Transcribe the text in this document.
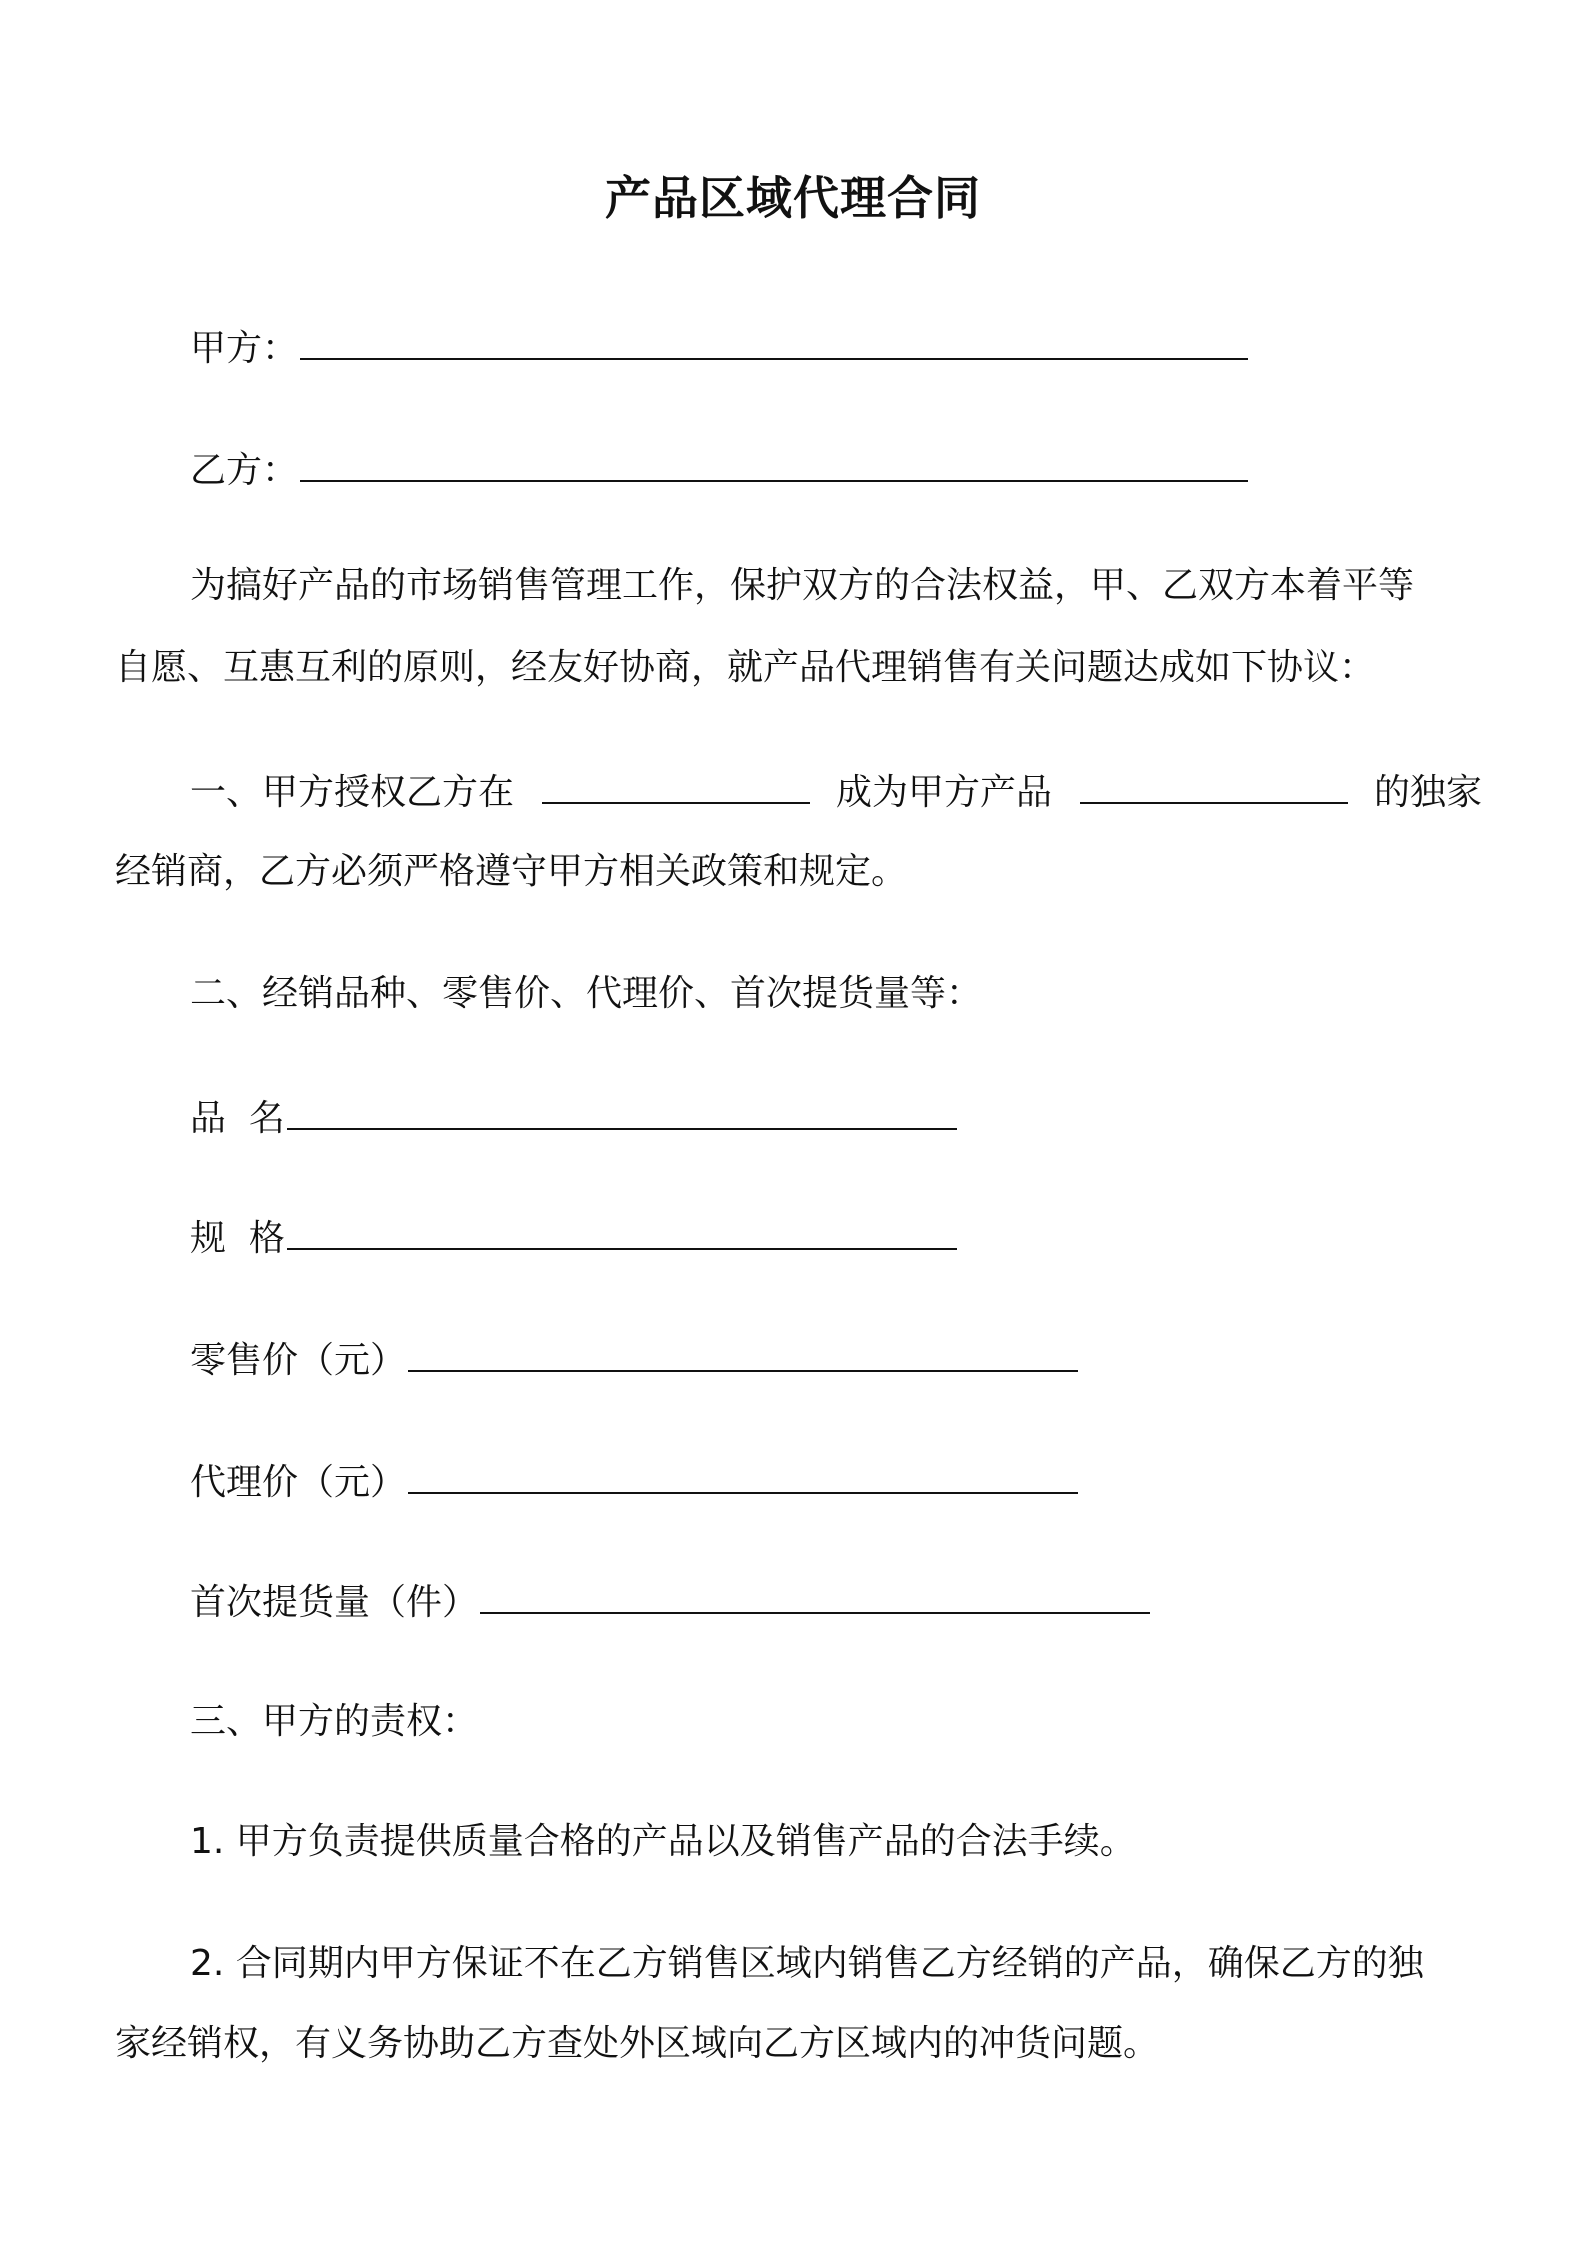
产品区域代理合同
甲方：
乙方：
为搞好产品的市场销售管理工作，保护双方的合法权益，甲、乙双方本着平等
自愿、互惠互利的原则，经友好协商，就产品代理销售有关问题达成如下协议：
一、甲方授权乙方在	成为甲方产品	的独家
经销商，乙方必须严格遵守甲方相关政策和规定。
二、经销品种、零售价、代理价、首次提货量等：
品  名
规  格
零售价（元）
代理价（元）
首次提货量（件）
三、甲方的责权：
1. 甲方负责提供质量合格的产品以及销售产品的合法手续。
2. 合同期内甲方保证不在乙方销售区域内销售乙方经销的产品，确保乙方的独
家经销权，有义务协助乙方查处外区域向乙方区域内的冲货问题。
